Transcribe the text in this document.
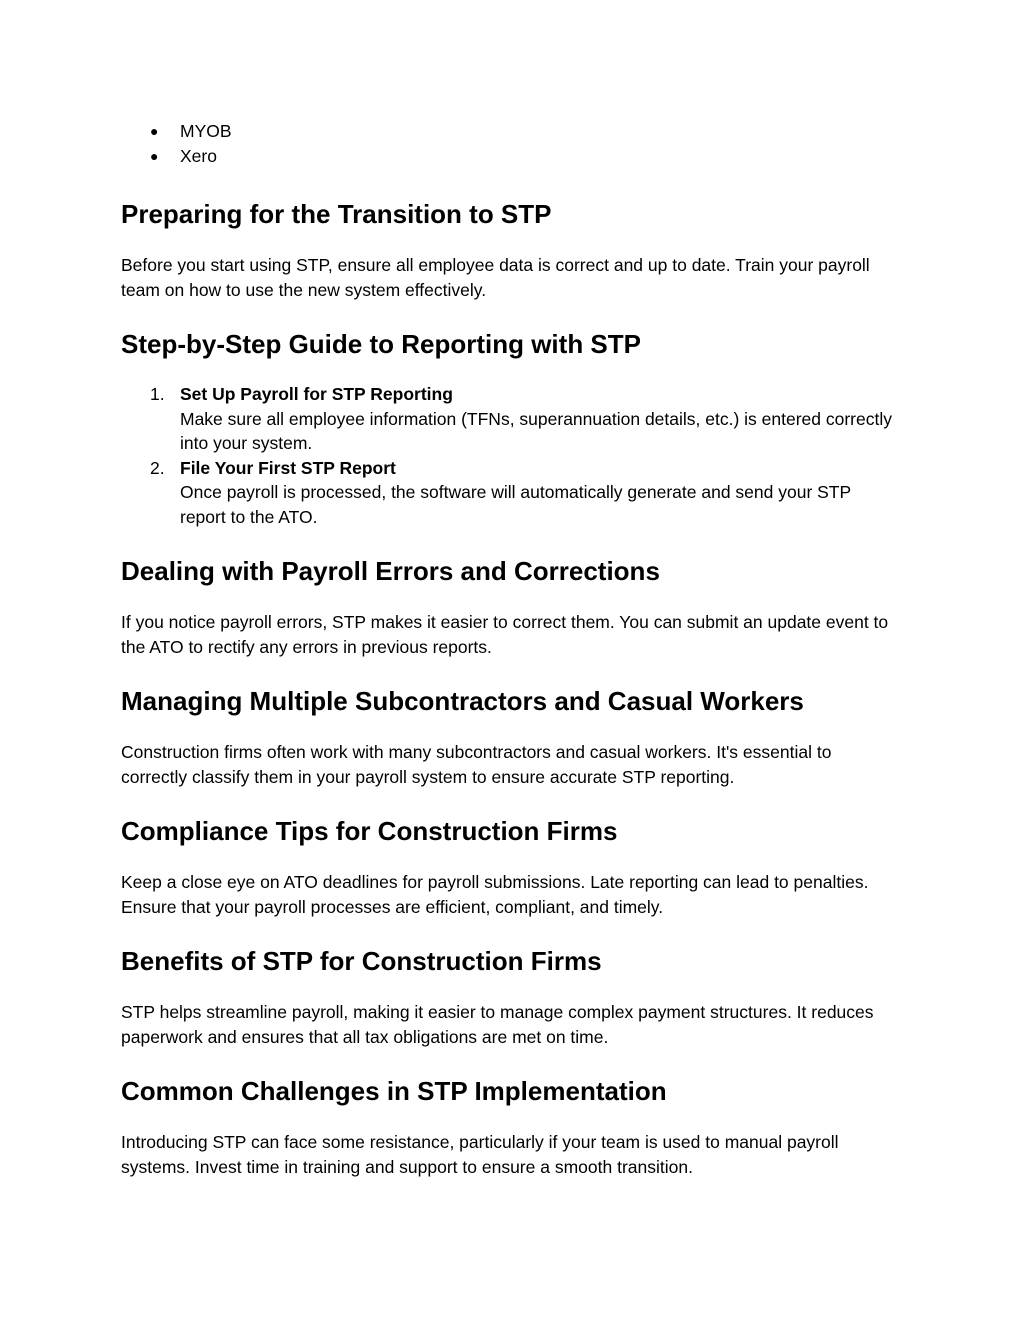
● MYOB
● Xero
Preparing for the Transition to STP

Before you start using STP, ensure all employee data is correct and up to date. Train your payroll team on how to use the new system effectively.

Step-by-Step Guide to Reporting with STP
1. Set Up Payroll for STP Reporting
Make sure all employee information (TFNs, superannuation details, etc.) is entered correctly into your system.
2. File Your First STP Report
Once payroll is processed, the software will automatically generate and send your STP report to the ATO.
Dealing with Payroll Errors and Corrections

If you notice payroll errors, STP makes it easier to correct them. You can submit an update event to the ATO to rectify any errors in previous reports.

Managing Multiple Subcontractors and Casual Workers

Construction firms often work with many subcontractors and casual workers. It's essential to correctly classify them in your payroll system to ensure accurate STP reporting.

Compliance Tips for Construction Firms

Keep a close eye on ATO deadlines for payroll submissions. Late reporting can lead to penalties. Ensure that your payroll processes are efficient, compliant, and timely.

Benefits of STP for Construction Firms

STP helps streamline payroll, making it easier to manage complex payment structures. It reduces paperwork and ensures that all tax obligations are met on time.

Common Challenges in STP Implementation

Introducing STP can face some resistance, particularly if your team is used to manual payroll systems. Invest time in training and support to ensure a smooth transition.
